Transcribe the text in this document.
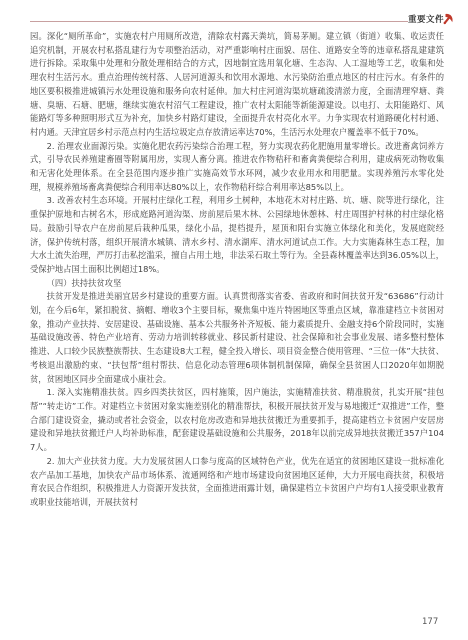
重要文件

园。深化“厕所革命”，实施农村户用厕所改造，清除农村露天粪坑，简易茅厕。建立镇（街道）收集、收运责任追究机制，开展农村私搭乱建行为专项整治活动，对严重影响村庄面貌、居住、道路安全等的违章私搭乱建建筑进行拆除。采取集中处理和分散处理相结合的方式，因地制宜选用氧化塘、生态沟、人工湿地等工艺，收集和处理农村生活污水。重点治理传统村落、人居河道源头和饮用水源地、水污染防治重点地区的村庄污水。有条件的地区要积极推进城镇污水处理设施和服务向农村延伸。加大村庄河道沟渠坑塘疏浚清淤力度，全面清理窄塘、粪塘、臭塘、石塘、肥塘，继续实施农村沼气工程建设，推广农村太阳能等新能源建设。以电打、太阳能路灯、风能路灯等多种照明形式互为补充，加快乡村路灯建设，全面提升农村亮化水平。力争实现农村道路硬化村村通、村内通。天津宜居乡村示范点村内生活垃圾定点存放清运率达70%，生活污水处理农户覆盖率不低于70%。

2. 治理农业面源污染。实施化肥农药污染综合治理工程，努力实现农药化肥施用量零增长。改进畜禽饲养方式，引导农民养殖建畜圈等附属用房，实现人畜分离。推进农作物秸秆和畜禽粪便综合利用，建成病死动物收集和无害化处理体系。在全县范围内逐步推广实施高效节水环网，减少农业用水和用肥量。实现养殖污水零化处理，规模养殖场畜禽粪便综合利用率达80%以上，农作物秸秆综合利用率达85%以上。

3. 改善农村生态环境。开展村庄绿化工程，利用乡土树种，本地花木对村庄路、坑、塘、院等进行绿化，注重保护原地和古树名木，形成庭路河道沟渠、房前屋后果木林、公园绿地休憩林、村庄周围护村林的村庄绿化格局。鼓励引导农户在房前屋后栽种瓜果，绿化小品，提档提升，屋顶和阳台实施立体绿化和美化，发展庭院经济，保护传统村落，组织开展清水城镇、清水乡村、清水湖库、清水河道试点工作。大力实施森林生态工程，加大水土流失治理，严厉打击私挖滥采，擅自占用土地，非法采石取土等行为。全县森林覆盖率达到36.05%以上，受保护地占国土面积比例超过18%。

（四）扶持扶贫攻坚

扶贫开发是推进美丽宜居乡村建设的重要方面。认真贯彻落实省委、省政府和时间扶贫开发“63686”行动计划，在今后6年，紧扣脱贫、摘帽、增收3个主要目标，聚焦集中连片特困地区等重点区域，靠准建档立卡贫困对象，推动产业扶持、安居建设、基础设施、基本公共服务补齐短板、能力素质提升、金融支持6个阶段同时，实施基础设施改善、特色产业培育、劳动力培训转移就业、移民新村建设、社会保障和社会事业发展、诸多整村整体推进、人口较少民族整族帮扶、生态建设8大工程，健全投入增长、项目资金整合使用管理、“三位一体”大扶贫、考核退出激励约束、“扶包帮”组村帮扶、信息化动态管理6项体制机制保障，确保全县贫困人口2020年如期脱贫，贫困地区同步全面建成小康社会。

1. 深入实施精准扶贫。四乡四类扶贫区，四村施策，因户施法，实施精准扶贫、精准脱贫，扎实开展“挂包帮”“转走访”工作。对建档立卡贫困对象实施差别化的精准帮扶，积极开展扶贫开发与易地搬迁“双推进”工作，整合部门建设资金，撬动或者社会资金，以农村危房改造和异地扶贫搬迁为重要抓手，提高建档立卡贫困户安居房建设和异地扶贫搬迁户人均补助标准，配套建设基础设施和公共服务，2018年以前完成异地扶贫搬迁357户1047人。

2. 加大产业扶贫力度。大力发展贫困人口参与度高的区域特色产业，优先在适宜的贫困地区建设一批标准化农产品加工基地，加快农产品市场体系、流通网络和产地市场建设向贫困地区延伸，大力开展电商扶贫，积极培育农民合作组织，积极推进人力资源开发扶贫，全面推进雨露计划，确保建档立卡贫困户户均有1人接受职业教育或职业技能培训，开展扶贫村

177
